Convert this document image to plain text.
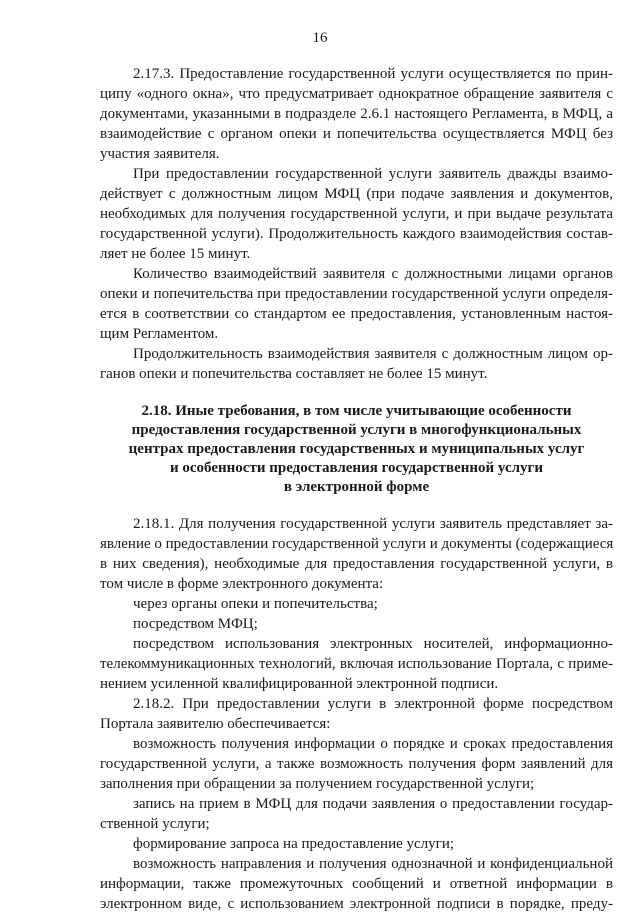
16
2.17.3. Предоставление государственной услуги осуществляется по прин-
ципу «одного окна», что предусматривает однократное обращение заявителя с
документами, указанными в подразделе 2.6.1 настоящего Регламента, в МФЦ, а
взаимодействие с органом опеки и попечительства осуществляется МФЦ без
участия заявителя.
При предоставлении государственной услуги заявитель дважды взаимо-
действует с должностным лицом МФЦ (при подаче заявления и документов,
необходимых для получения государственной услуги, и при выдаче результата
государственной услуги). Продолжительность каждого взаимодействия состав-
ляет не более 15 минут.
Количество взаимодействий заявителя с должностными лицами органов
опеки и попечительства при предоставлении государственной услуги определя-
ется в соответствии со стандартом ее предоставления, установленным настоя-
щим Регламентом.
Продолжительность взаимодействия заявителя с должностным лицом ор-
ганов опеки и попечительства составляет не более 15 минут.
2.18. Иные требования, в том числе учитывающие особенности
предоставления государственной услуги в многофункциональных
центрах предоставления государственных и муниципальных услуг
и особенности предоставления государственной услуги
в электронной форме
2.18.1. Для получения государственной услуги заявитель представляет за-
явление о предоставлении государственной услуги и документы (содержащиеся
в них сведения), необходимые для предоставления государственной услуги, в
том числе в форме электронного документа:
через органы опеки и попечительства;
посредством МФЦ;
посредством использования электронных носителей, информационно-
телекоммуникационных технологий, включая использование Портала, с приме-
нением усиленной квалифицированной электронной подписи.
2.18.2. При предоставлении услуги в электронной форме посредством
Портала заявителю обеспечивается:
возможность получения информации о порядке и сроках предоставления
государственной услуги, а также возможность получения форм заявлений для
заполнения при обращении за получением государственной услуги;
запись на прием в МФЦ для подачи заявления о предоставлении государ-
ственной услуги;
формирование запроса на предоставление услуги;
возможность направления и получения однозначной и конфиденциальной
информации, также промежуточных сообщений и ответной информации в
электронном виде, с использованием электронной подписи в порядке, преду-
